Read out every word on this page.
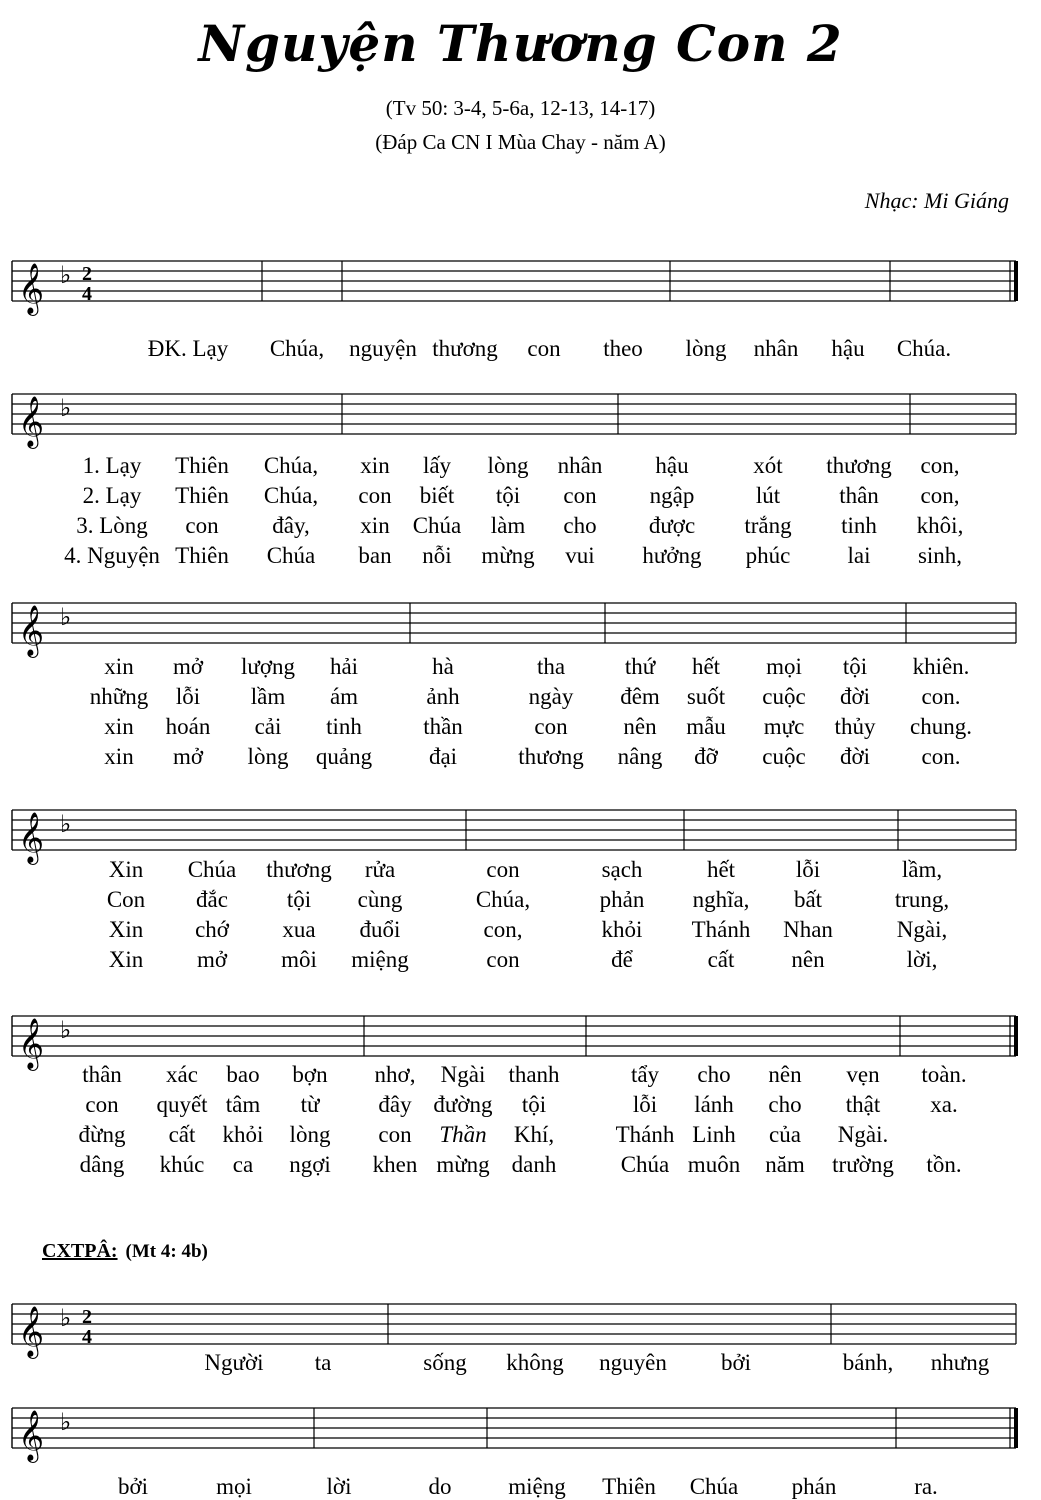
Nguyện Thương Con 2
(Tv 50: 3-4, 5-6a, 12-13, 14-17)
(Đáp Ca CN I Mùa Chay - năm A)
Nhạc: Mi Giáng
𝄞 ♭ 2
4
𝄞 ♭
𝄞 ♭
𝄞 ♭
𝄞 ♭
𝄞 ♭ 2
4
𝄞 ♭
CXTPÂ: (Mt 4: 4b)
ĐK. Lạy Chúa, nguyện thương con theo lòng nhân hậu Chúa.
1. Lạy Thiên Chúa, xin lấy lòng nhân hậu	xót thương con,
2. Lạy Thiên Chúa, con biết tội con ngập	lút	thân con,
3. Lòng con đây, xin Chúa làm cho được trắng tinh khôi,
4. Nguyện Thiên Chúa ban nỗi mừng vui hưởng phúc lai sinh,
xin mở lượng hải	hà	tha	thứ hết mọi tội khiên.
những lỗi lầm ám	ảnh	ngày đêm suốt cuộc đời con.
xin hoán cải tinh	thần	con nên mẫu mực thủy chung.
xin mở lòng quảng đại	thương nâng đỡ cuộc đời con.
Xin Chúa thương rửa	con	sạch	hết	lỗi	lầm,
Con đắc	tội cùng	Chúa,	phản nghĩa, bất	trung,
Xin chớ xua đuổi	con,	khỏi Thánh Nhan	Ngài,
Xin mở môi miệng	con	để	cất nên	lời,
thân xác bao bợn nhơ, Ngài thanh	tẩy cho nên vẹn toàn.
con quyết tâm từ	đây đường tội	lỗi lánh cho thật xa.
đừng cất khỏi lòng con Thần Khí,	Thánh Linh của Ngài.
dâng khúc ca ngợi khen mừng danh	Chúa muôn năm trường tồn.
Người ta	sống không nguyên bởi	bánh, nhưng
bởi	mọi	lời	do miệng Thiên Chúa phán	ra.
